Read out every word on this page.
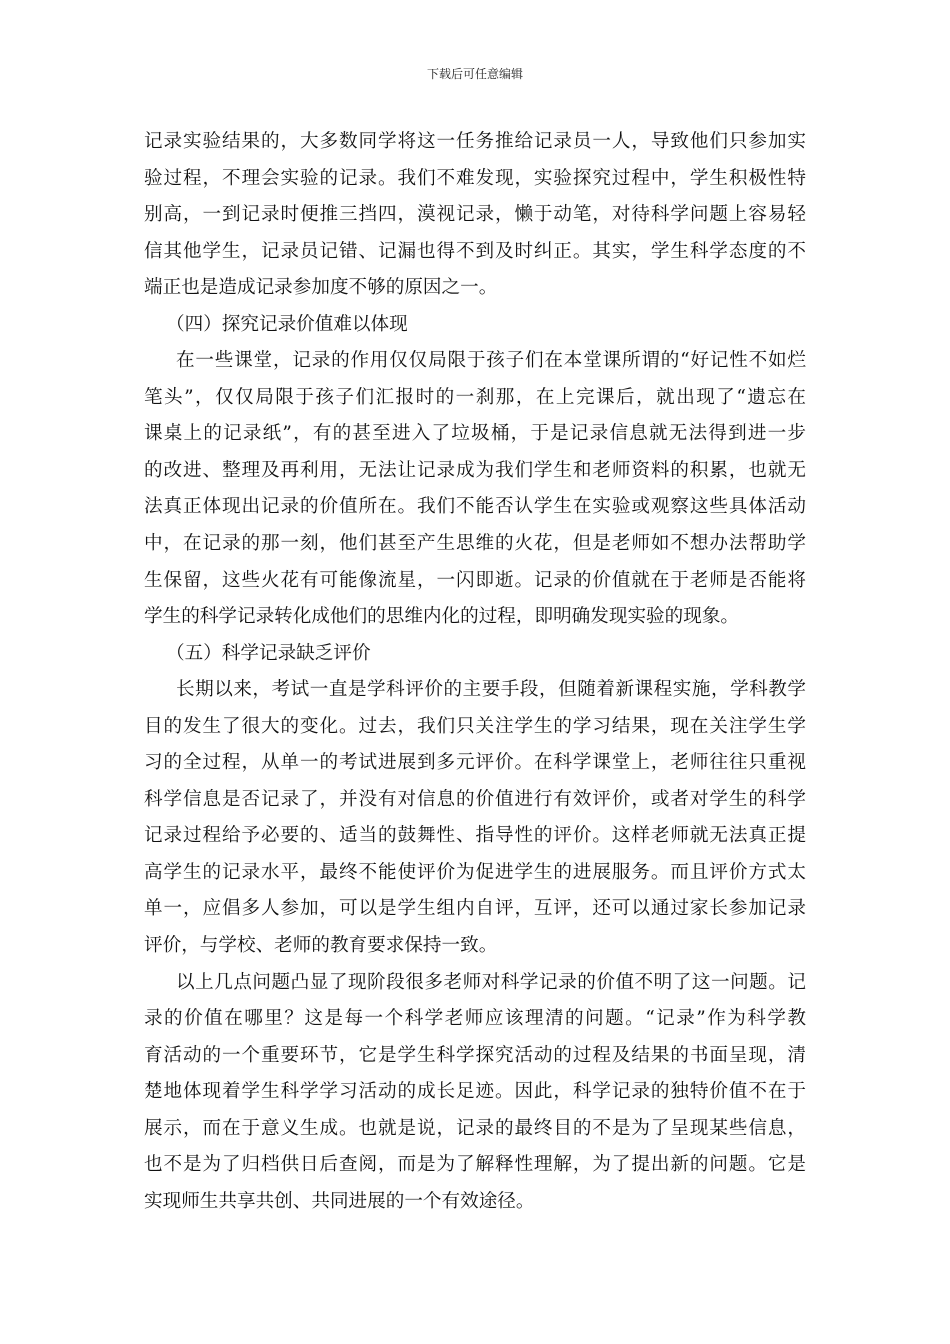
下载后可任意编辑
记录实验结果的，大多数同学将这一任务推给记录员一人，导致他们只参加实
验过程，不理会实验的记录。我们不难发现，实验探究过程中，学生积极性特
别高，一到记录时便推三挡四，漠视记录，懒于动笔，对待科学问题上容易轻
信其他学生，记录员记错、记漏也得不到及时纠正。其实，学生科学态度的不
端正也是造成记录参加度不够的原因之一。
（四）探究记录价值难以体现
在一些课堂，记录的作用仅仅局限于孩子们在本堂课所谓的“好记性不如烂
笔头”，仅仅局限于孩子们汇报时的一刹那，在上完课后，就出现了“遗忘在
课桌上的记录纸”，有的甚至进入了垃圾桶，于是记录信息就无法得到进一步
的改进、整理及再利用，无法让记录成为我们学生和老师资料的积累，也就无
法真正体现出记录的价值所在。我们不能否认学生在实验或观察这些具体活动
中，在记录的那一刻，他们甚至产生思维的火花，但是老师如不想办法帮助学
生保留，这些火花有可能像流星，一闪即逝。记录的价值就在于老师是否能将
学生的科学记录转化成他们的思维内化的过程，即明确发现实验的现象。
（五）科学记录缺乏评价
长期以来，考试一直是学科评价的主要手段，但随着新课程实施，学科教学
目的发生了很大的变化。过去，我们只关注学生的学习结果，现在关注学生学
习的全过程，从单一的考试进展到多元评价。在科学课堂上，老师往往只重视
科学信息是否记录了，并没有对信息的价值进行有效评价，或者对学生的科学
记录过程给予必要的、适当的鼓舞性、指导性的评价。这样老师就无法真正提
高学生的记录水平，最终不能使评价为促进学生的进展服务。而且评价方式太
单一，应倡多人参加，可以是学生组内自评，互评，还可以通过家长参加记录
评价，与学校、老师的教育要求保持一致。
以上几点问题凸显了现阶段很多老师对科学记录的价值不明了这一问题。记
录的价值在哪里？这是每一个科学老师应该理清的问题。“记录”作为科学教
育活动的一个重要环节，它是学生科学探究活动的过程及结果的书面呈现，清
楚地体现着学生科学学习活动的成长足迹。因此，科学记录的独特价值不在于
展示，而在于意义生成。也就是说，记录的最终目的不是为了呈现某些信息，
也不是为了归档供日后查阅，而是为了解释性理解，为了提出新的问题。它是
实现师生共享共创、共同进展的一个有效途径。
